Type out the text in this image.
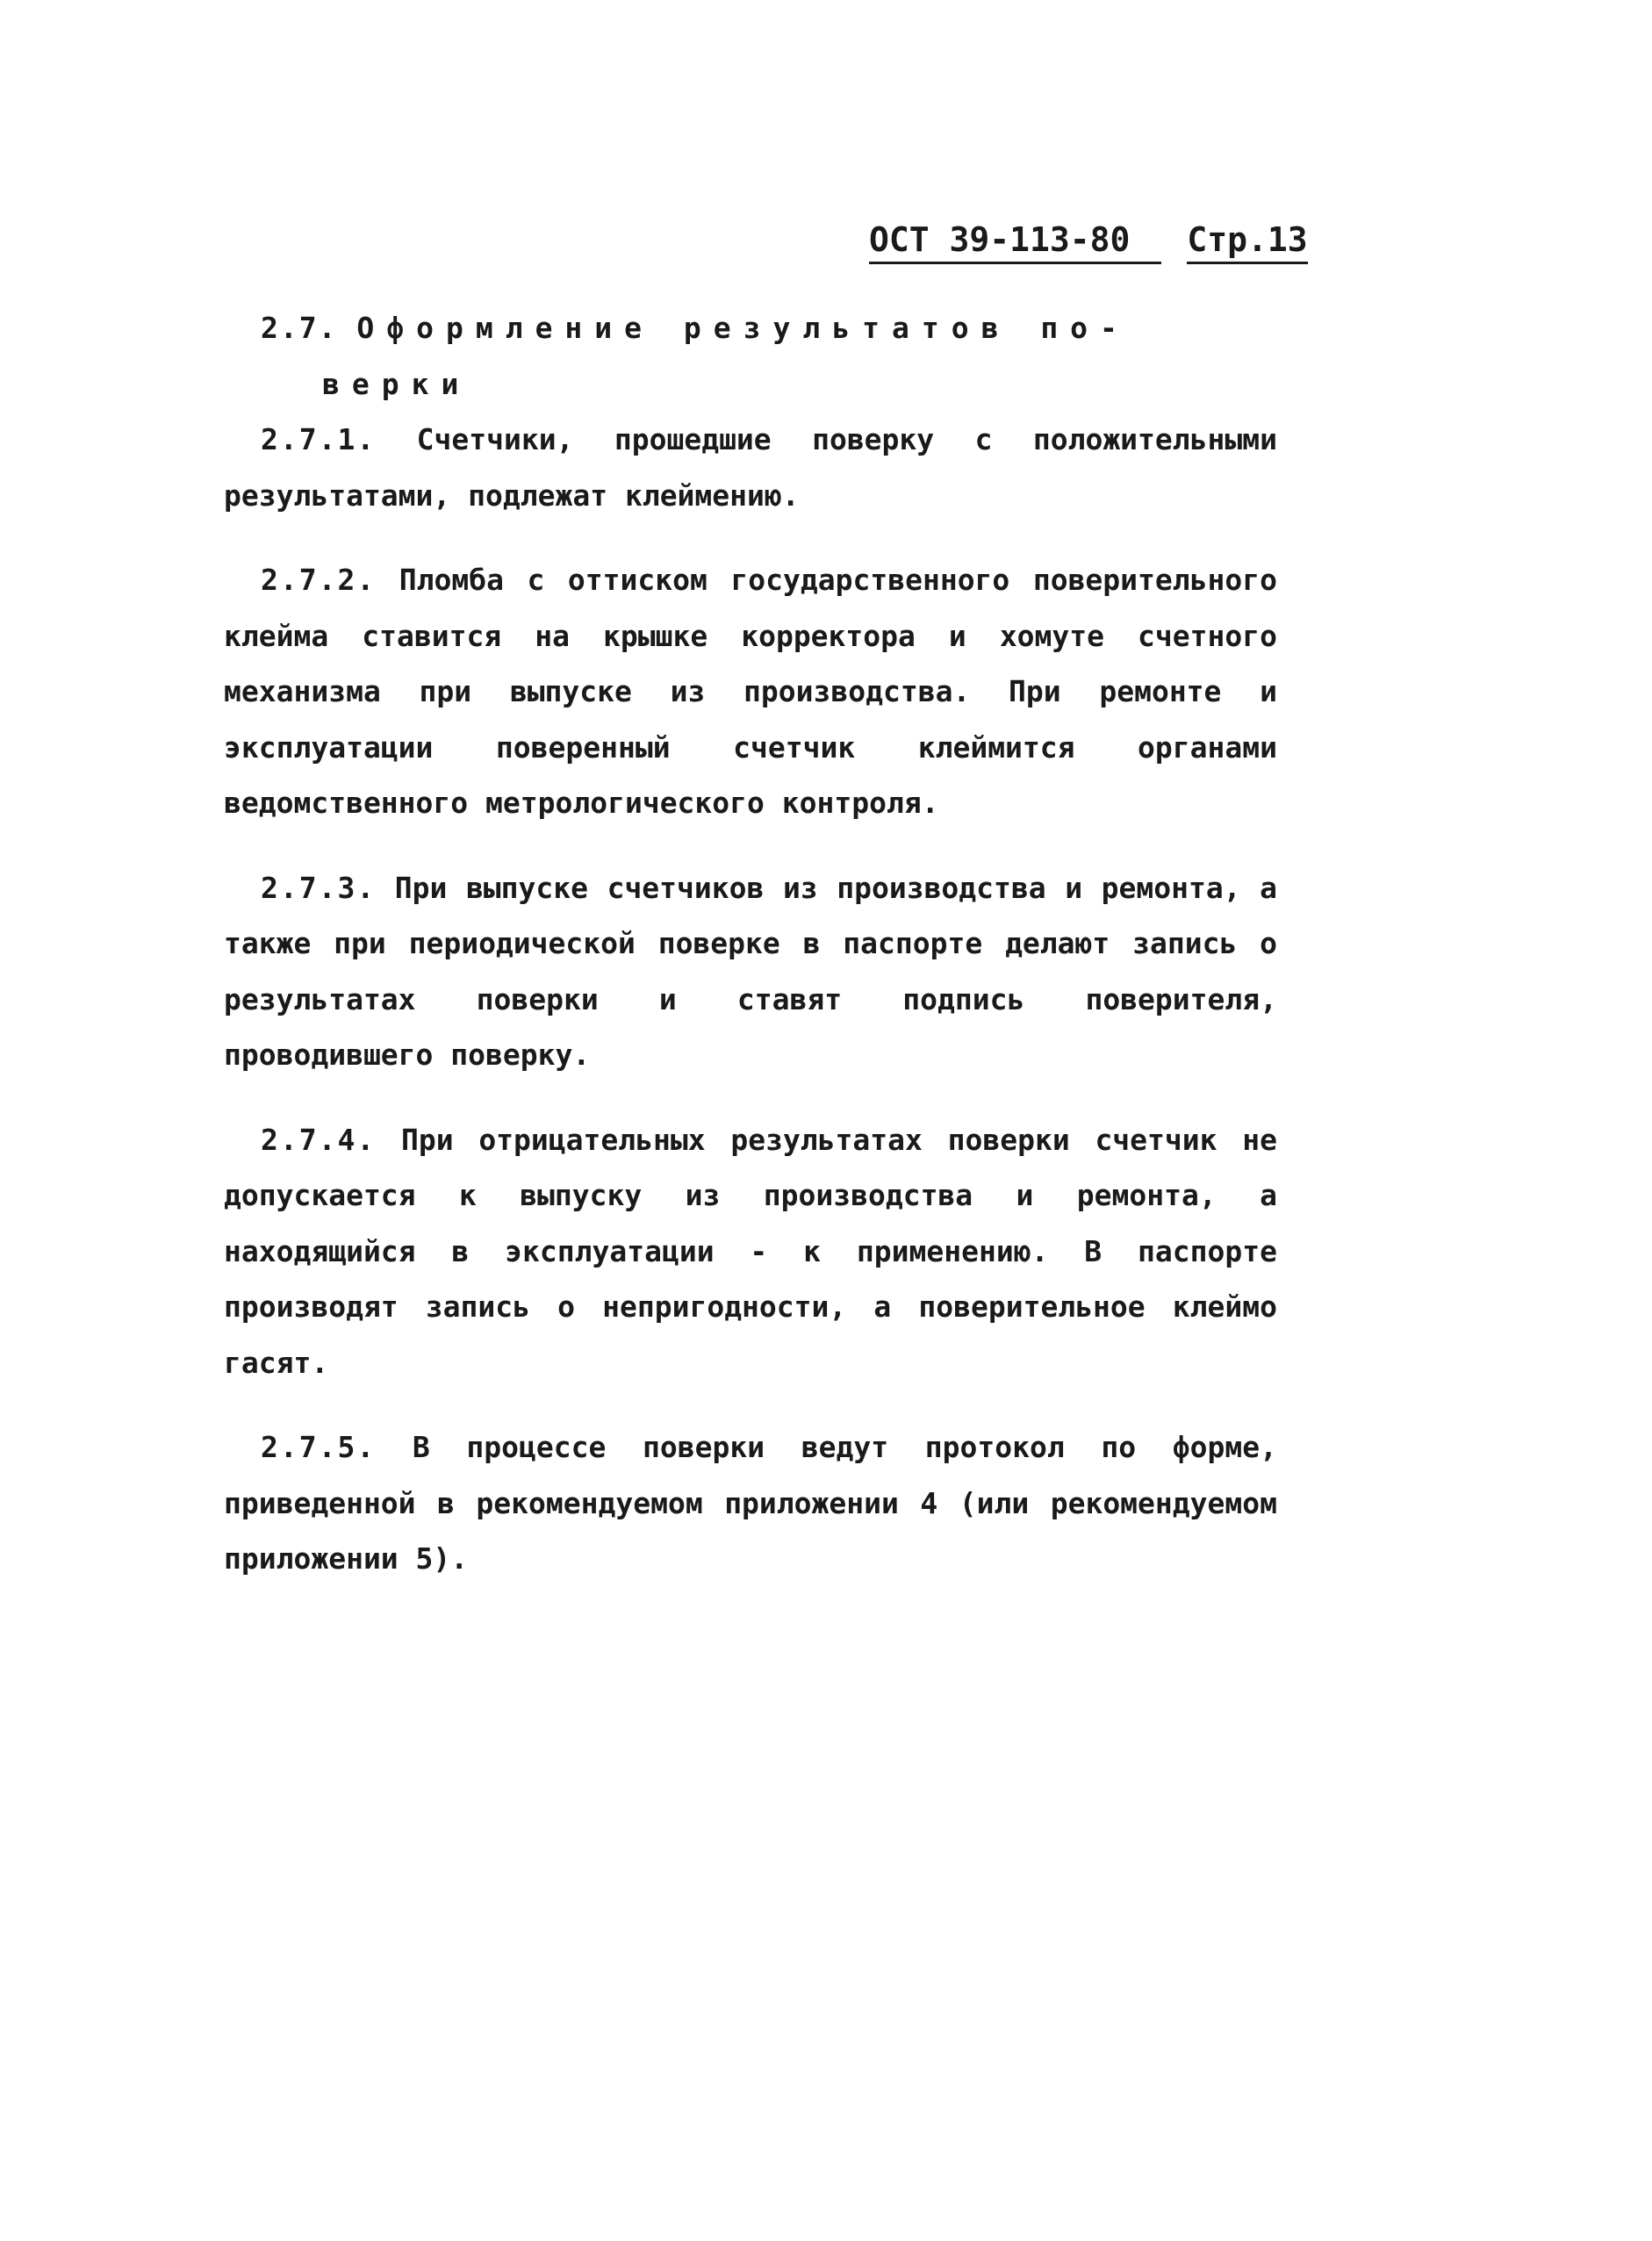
ОСТ 39-113-80 Стр.13
2.7. Оформление результатов по-
верки

2.7.1. Счетчики, прошедшие поверку с положительными результатами, подлежат клеймению.

2.7.2. Пломба с оттиском государственного поверительного клейма ставится на крышке корректора и хомуте счетного механизма при выпуске из производства. При ремонте и эксплуатации поверенный счетчик клеймится органами ведомственного метрологического контроля.

2.7.3. При выпуске счетчиков из производства и ремонта, а также при периодической поверке в паспорте делают запись о результатах поверки и ставят подпись поверителя, проводившего поверку.

2.7.4. При отрицательных результатах поверки счетчик не допускается к выпуску из производства и ремонта, а находящийся в эксплуатации - к применению. В паспорте производят запись о непригодности, а поверительное клеймо гасят.

2.7.5. В процессе поверки ведут протокол по форме, приведенной в рекомендуемом приложении 4 (или рекомендуемом приложении 5).
